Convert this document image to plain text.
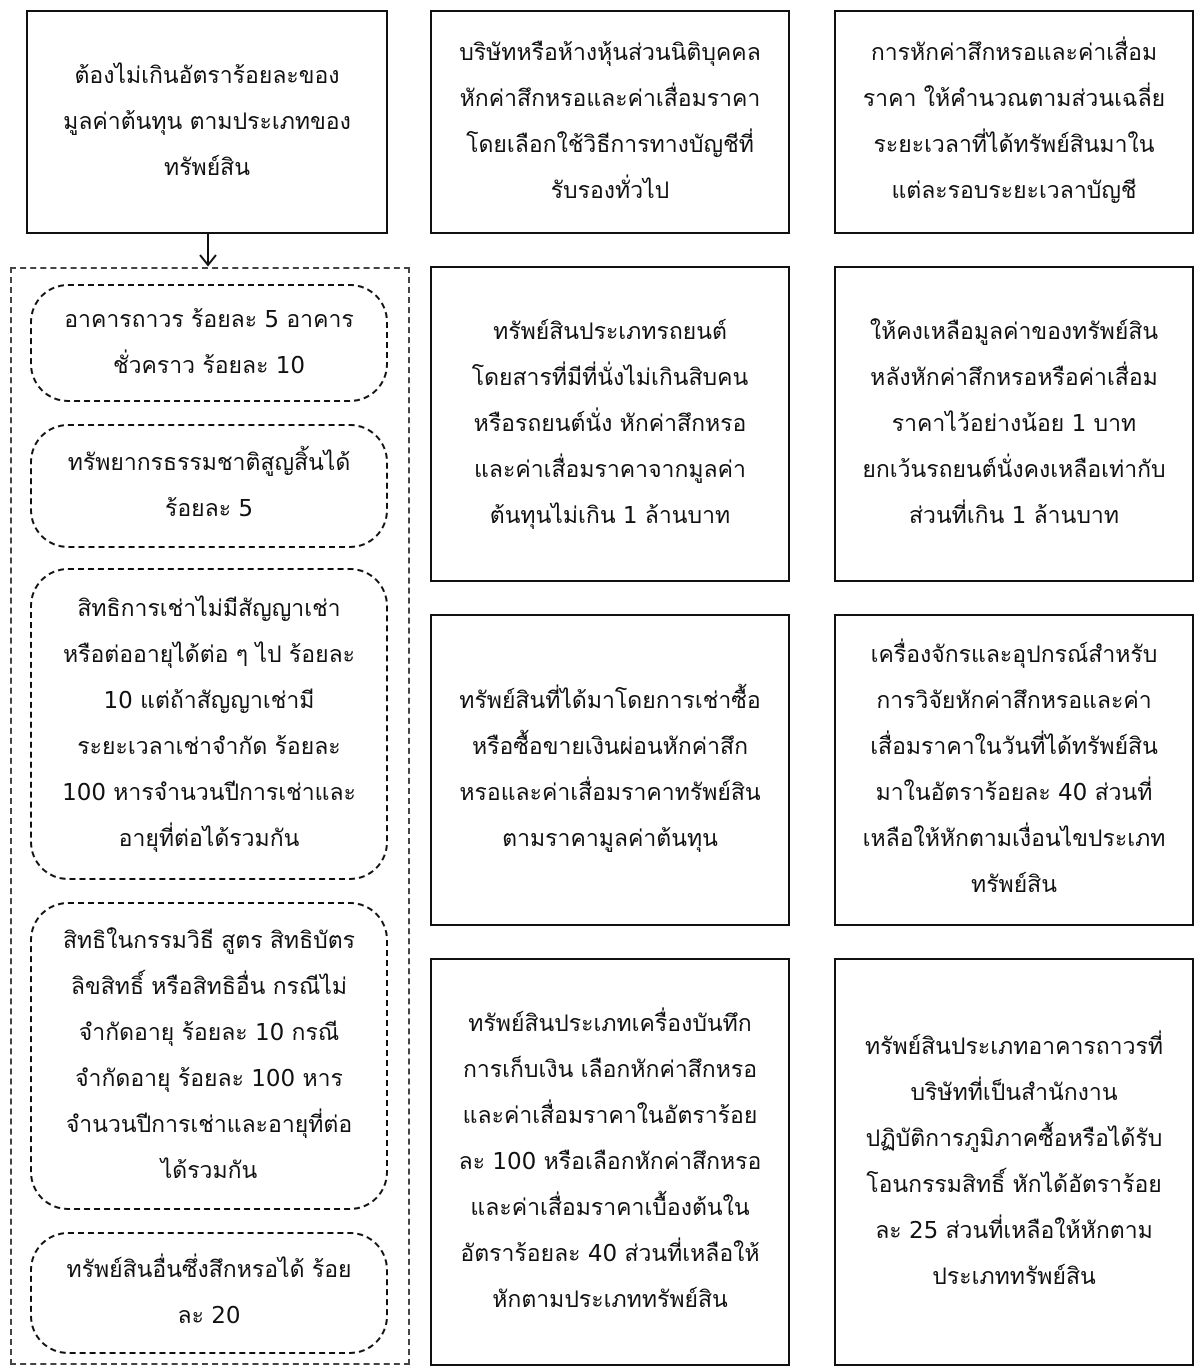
ต้องไม่เกินอัตราร้อยละของ
มูลค่าต้นทุน ตามประเภทของ
ทรัพย์สิน
อาคารถาวร ร้อยละ 5 อาคาร
ชั่วคราว ร้อยละ 10
ทรัพยากรธรรมชาติสูญสิ้นได้
ร้อยละ 5
สิทธิการเช่าไม่มีสัญญาเช่า
หรือต่ออายุได้ต่อ ๆ ไป ร้อยละ
10 แต่ถ้าสัญญาเช่ามี
ระยะเวลาเช่าจำกัด ร้อยละ
100 หารจำนวนปีการเช่าและ
อายุที่ต่อได้รวมกัน
สิทธิในกรรมวิธี สูตร สิทธิบัตร
ลิขสิทธิ์ หรือสิทธิอื่น กรณีไม่
จำกัดอายุ ร้อยละ 10 กรณี
จำกัดอายุ ร้อยละ 100 หาร
จำนวนปีการเช่าและอายุที่ต่อ
ได้รวมกัน
ทรัพย์สินอื่นซึ่งสึกหรอได้ ร้อย
ละ 20
บริษัทหรือห้างหุ้นส่วนนิติบุคคล
หักค่าสึกหรอและค่าเสื่อมราคา
โดยเลือกใช้วิธีการทางบัญชีที่
รับรองทั่วไป
ทรัพย์สินประเภทรถยนต์
โดยสารที่มีที่นั่งไม่เกินสิบคน
หรือรถยนต์นั่ง หักค่าสึกหรอ
และค่าเสื่อมราคาจากมูลค่า
ต้นทุนไม่เกิน 1 ล้านบาท
ทรัพย์สินที่ได้มาโดยการเช่าซื้อ
หรือซื้อขายเงินผ่อนหักค่าสึก
หรอและค่าเสื่อมราคาทรัพย์สิน
ตามราคามูลค่าต้นทุน
ทรัพย์สินประเภทเครื่องบันทึก
การเก็บเงิน เลือกหักค่าสึกหรอ
และค่าเสื่อมราคาในอัตราร้อย
ละ 100 หรือเลือกหักค่าสึกหรอ
และค่าเสื่อมราคาเบื้องต้นใน
อัตราร้อยละ 40 ส่วนที่เหลือให้
หักตามประเภททรัพย์สิน
การหักค่าสึกหรอและค่าเสื่อม
ราคา ให้คำนวณตามส่วนเฉลี่ย
ระยะเวลาที่ได้ทรัพย์สินมาใน
แต่ละรอบระยะเวลาบัญชี
ให้คงเหลือมูลค่าของทรัพย์สิน
หลังหักค่าสึกหรอหรือค่าเสื่อม
ราคาไว้อย่างน้อย 1 บาท
ยกเว้นรถยนต์นั่งคงเหลือเท่ากับ
ส่วนที่เกิน 1 ล้านบาท
เครื่องจักรและอุปกรณ์สำหรับ
การวิจัยหักค่าสึกหรอและค่า
เสื่อมราคาในวันที่ได้ทรัพย์สิน
มาในอัตราร้อยละ 40 ส่วนที่
เหลือให้หักตามเงื่อนไขประเภท
ทรัพย์สิน
ทรัพย์สินประเภทอาคารถาวรที่
บริษัทที่เป็นสำนักงาน
ปฏิบัติการภูมิภาคซื้อหรือได้รับ
โอนกรรมสิทธิ์ หักได้อัตราร้อย
ละ 25 ส่วนที่เหลือให้หักตาม
ประเภททรัพย์สิน
